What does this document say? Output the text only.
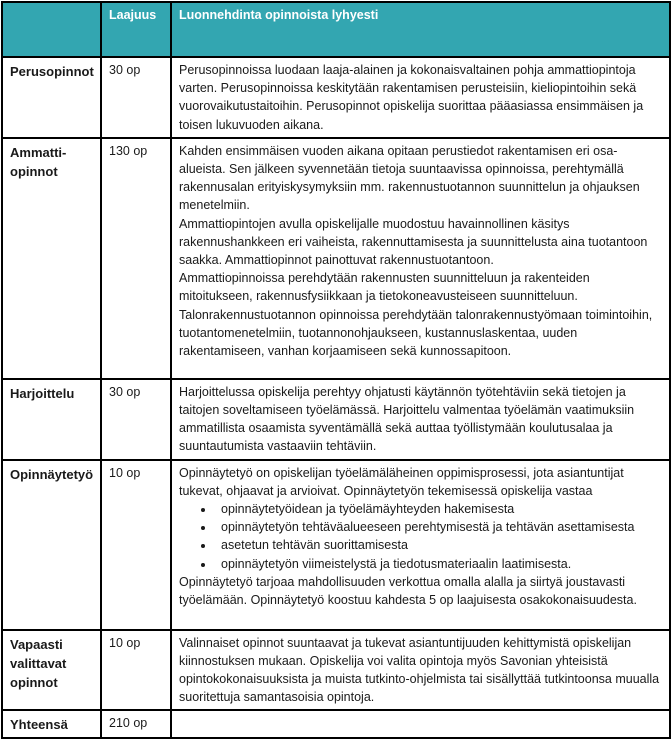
	Laajuus	Luonnehdinta opinnoista lyhyesti
Perusopinnot	30 op	Perusopinnoissa luodaan laaja-alainen ja kokonaisvaltainen pohja ammattiopintoja varten. Perusopinnoissa keskitytään rakentamisen perusteisiin, kieliopintoihin sekä vuorovaikutustaitoihin. Perusopinnot opiskelija suorittaa pääasiassa ensimmäisen ja toisen lukuvuoden aikana.

Ammatti-opinnot	130 op	Kahden ensimmäisen vuoden aikana opitaan perustiedot rakentamisen eri osa-alueista. Sen jälkeen syvennetään tietoja suuntaavissa opinnoissa, perehtymällä rakennusalan erityiskysymyksiin mm. rakennustuotannon suunnittelun ja ohjauksen menetelmiin.

Ammattiopintojen avulla opiskelijalle muodostuu havainnollinen käsitys rakennushankkeen eri vaiheista, rakennuttamisesta ja suunnittelusta aina tuotantoon saakka. Ammattiopinnot painottuvat rakennustuotantoon.

Ammattiopinnoissa perehdytään rakennusten suunnitteluun ja rakenteiden mitoitukseen, rakennusfysiikkaan ja tietokoneavusteiseen suunnitteluun.

Talonrakennustuotannon opinnoissa perehdytään talonrakennustyömaan toimintoihin, tuotantomenetelmiin, tuotannonohjaukseen, kustannuslaskentaa, uuden rakentamiseen, vanhan korjaamiseen sekä kunnossapitoon.

Harjoittelu	30 op	Harjoittelussa opiskelija perehtyy ohjatusti käytännön työtehtäviin sekä tietojen ja taitojen soveltamiseen työelämässä. Harjoittelu valmentaa työelämän vaatimuksiin ammatillista osaamista syventämällä sekä auttaa työllistymään koulutusalaa ja suuntautumista vastaaviin tehtäviin.

Opinnäytetyö	10 op	Opinnäytetyö on opiskelijan työelämäläheinen oppimisprosessi, jota asiantuntijat tukevat, ohjaavat ja arvioivat. Opinnäytetyön tekemisessä opiskelija vastaa

• opinnäytetyöidean ja työelämäyhteyden hakemisesta
• opinnäytetyön tehtäväalueeseen perehtymisestä ja tehtävän asettamisesta
• asetetun tehtävän suorittamisesta
• opinnäytetyön viimeistelystä ja tiedotusmateriaalin laatimisesta.

Opinnäytetyö tarjoaa mahdollisuuden verkottua omalla alalla ja siirtyä joustavasti työelämään. Opinnäytetyö koostuu kahdesta 5 op laajuisesta osakokonaisuudesta.

Vapaasti valittavat opinnot	10 op	Valinnaiset opinnot suuntaavat ja tukevat asiantuntijuuden kehittymistä opiskelijan kiinnostuksen mukaan. Opiskelija voi valita opintoja myös Savonian yhteisistä opintokokonaisuuksista ja muista tutkinto-ohjelmista tai sisällyttää tutkintoonsa muualla suoritettuja samantasoisia opintoja.

Yhteensä	210 op	
